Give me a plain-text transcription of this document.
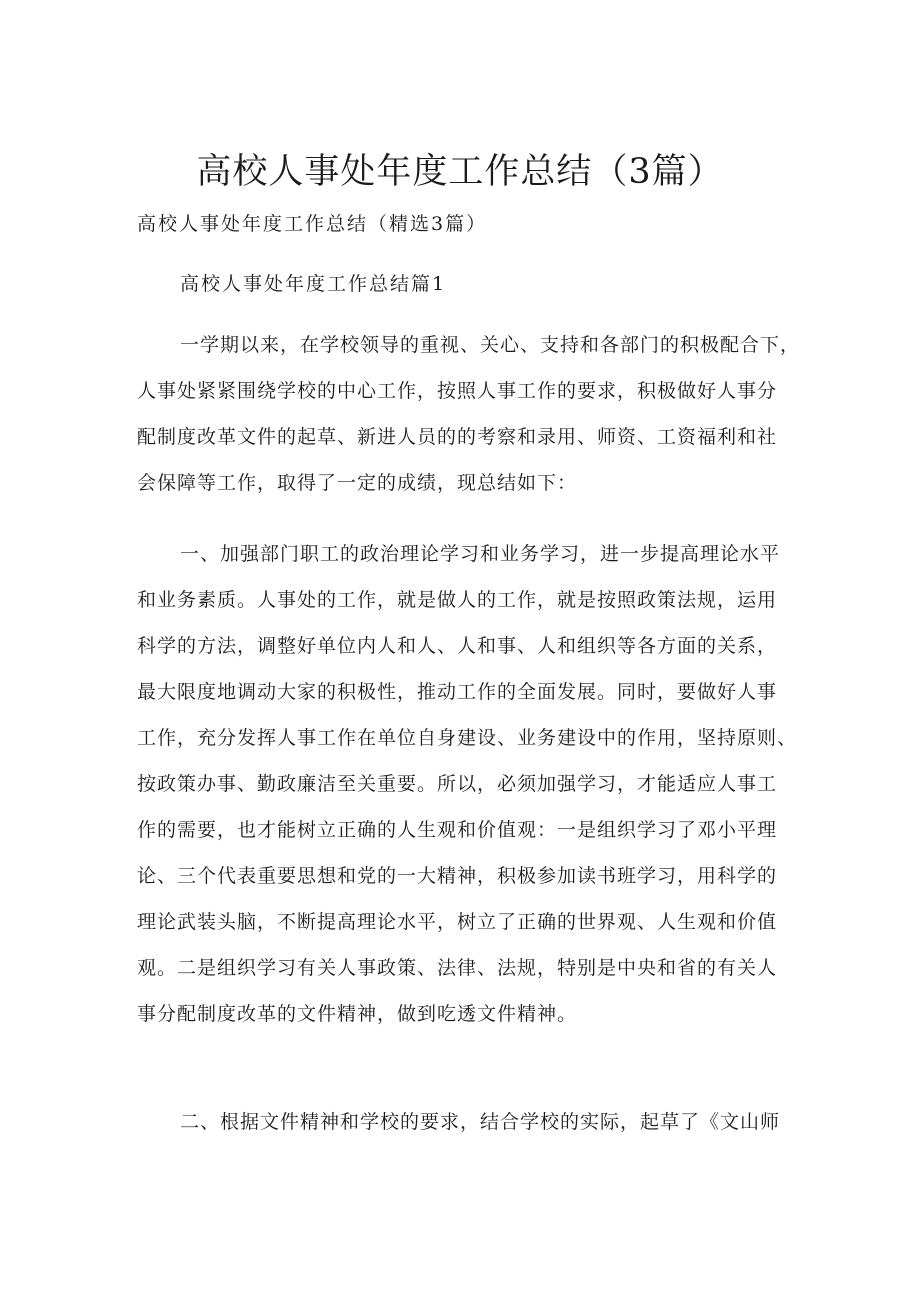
高校人事处年度工作总结（3篇）

高校人事处年度工作总结（精选3篇）

高校人事处年度工作总结篇1

一学期以来，在学校领导的重视、关心、支持和各部门的积极配合下，
人事处紧紧围绕学校的中心工作，按照人事工作的要求，积极做好人事分
配制度改革文件的起草、新进人员的的考察和录用、师资、工资福利和社
会保障等工作，取得了一定的成绩，现总结如下：
一、加强部门职工的政治理论学习和业务学习，进一步提高理论水平
和业务素质。人事处的工作，就是做人的工作，就是按照政策法规，运用
科学的方法，调整好单位内人和人、人和事、人和组织等各方面的关系，
最大限度地调动大家的积极性，推动工作的全面发展。同时，要做好人事
工作，充分发挥人事工作在单位自身建设、业务建设中的作用，坚持原则、
按政策办事、勤政廉洁至关重要。所以，必须加强学习，才能适应人事工
作的需要，也才能树立正确的人生观和价值观：一是组织学习了邓小平理
论、三个代表重要思想和党的一大精神，积极参加读书班学习，用科学的
理论武装头脑，不断提高理论水平，树立了正确的世界观、人生观和价值
观。二是组织学习有关人事政策、法律、法规，特别是中央和省的有关人
事分配制度改革的文件精神，做到吃透文件精神。
二、根据文件精神和学校的要求，结合学校的实际，起草了《文山师
